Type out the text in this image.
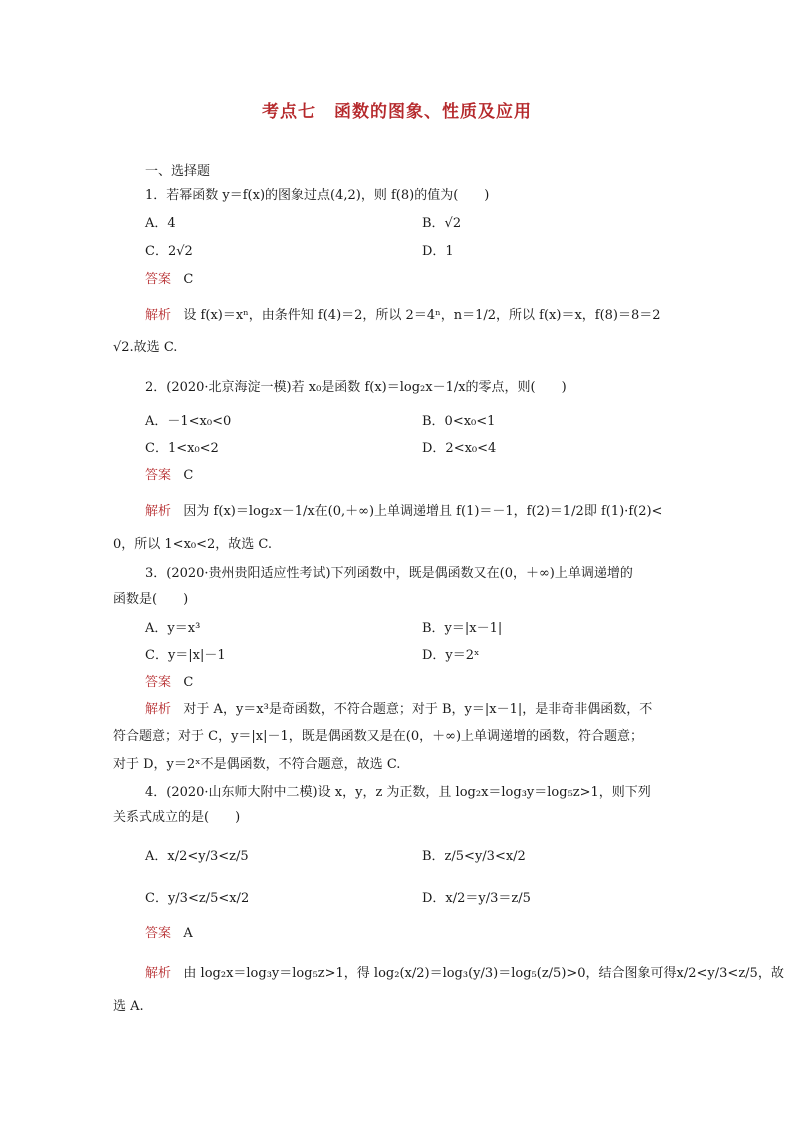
考点七　函数的图象、性质及应用
一、选择题
1．若幂函数 y＝f(x)的图象过点(4,2)，则 f(8)的值为(　　)
A．4	B．√2
C．2√2	D．1
答案 C
解析 设 f(x)＝xⁿ，由条件知 f(4)＝2，所以 2＝4ⁿ，n＝1/2，所以 f(x)＝x，f(8)＝8＝2
√2.故选 C.
2．(2020·北京海淀一模)若 x₀是函数 f(x)＝log₂x－1/x的零点，则(　　)
A．－1<x₀<0	B．0<x₀<1
C．1<x₀<2	D．2<x₀<4
答案 C
解析 因为 f(x)＝log₂x－1/x在(0,＋∞)上单调递增且 f(1)＝－1，f(2)＝1/2即 f(1)·f(2)<
0，所以 1<x₀<2，故选 C.
3．(2020·贵州贵阳适应性考试)下列函数中，既是偶函数又在(0，＋∞)上单调递增的
函数是(　　)
A．y＝x³	B．y＝|x－1|
C．y＝|x|－1	D．y＝2ˣ
答案 C
解析 对于 A，y＝x³是奇函数，不符合题意；对于 B，y＝|x－1|，是非奇非偶函数，不
符合题意；对于 C，y＝|x|－1，既是偶函数又是在(0，＋∞)上单调递增的函数，符合题意；
对于 D，y＝2ˣ不是偶函数，不符合题意，故选 C.
4．(2020·山东师大附中二模)设 x，y，z 为正数，且 log₂x＝log₃y＝log₅z>1，则下列
关系式成立的是(　　)
A．x/2<y/3<z/5	B．z/5<y/3<x/2
C．y/3<z/5<x/2	D．x/2＝y/3＝z/5
答案 A
解析 由 log₂x＝log₃y＝log₅z>1，得 log₂(x/2)＝log₃(y/3)＝log₅(z/5)>0，结合图象可得x/2<y/3<z/5，故
选 A.
